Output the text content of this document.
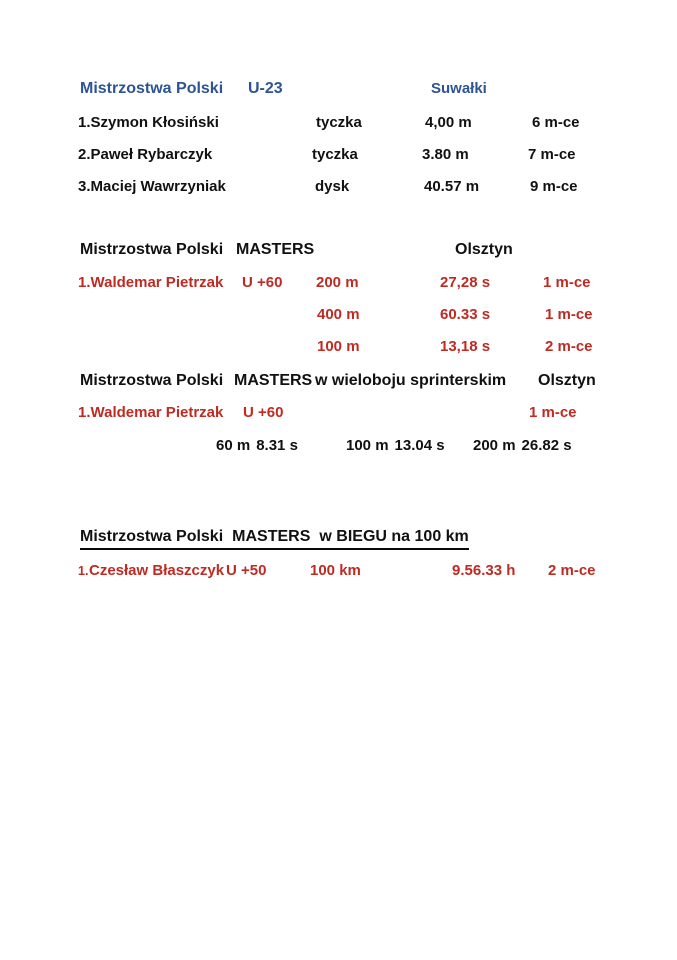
Mistrzostwa Polski U-23	Suwałki
1.Szymon Kłosiński	tyczka	4,00 m	6 m-ce
2.Paweł Rybarczyk	tyczka	3.80 m	7 m-ce
3.Maciej Wawrzyniak	dysk	40.57 m	9 m-ce
Mistrzostwa Polski MASTERS	Olsztyn
1.Waldemar Pietrzak U +60 200 m	27,28 s	1 m-ce
400 m	60.33 s	1 m-ce
100 m	13,18 s	2 m-ce
Mistrzostwa Polski MASTERS w wieloboju sprinterskim Olsztyn
1.Waldemar Pietrzak U +60	1 m-ce
60 m 8.31 s	100 m 13.04 s 200 m 26.82 s
Mistrzostwa Polski MASTERS w BIEGU na 100 km
1. Czesław Błaszczyk U +50	100 km	9.56.33 h 2 m-ce
